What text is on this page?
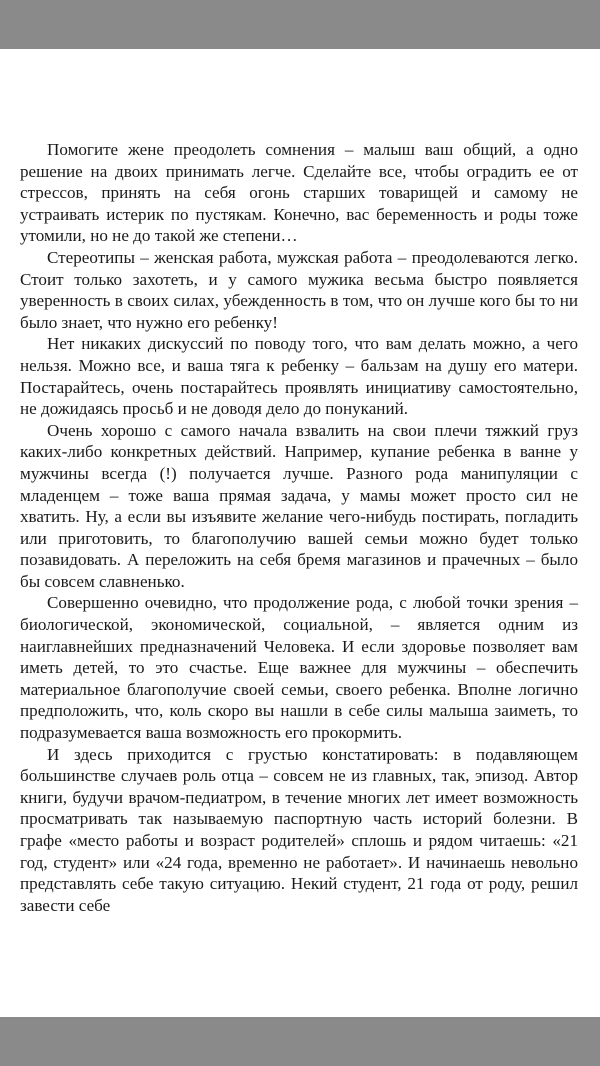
Помогите жене преодолеть сомнения – малыш ваш общий, а одно решение на двоих принимать легче. Сделайте все, чтобы оградить ее от стрессов, принять на себя огонь старших товарищей и самому не устраивать истерик по пустякам. Конечно, вас беременность и роды тоже утомили, но не до такой же степени…

Стереотипы – женская работа, мужская работа – преодолеваются легко. Стоит только захотеть, и у самого мужика весьма быстро появляется уверенность в своих силах, убежденность в том, что он лучше кого бы то ни было знает, что нужно его ребенку!

Нет никаких дискуссий по поводу того, что вам делать можно, а чего нельзя. Можно все, и ваша тяга к ребенку – бальзам на душу его матери. Постарайтесь, очень постарайтесь проявлять инициативу самостоятельно, не дожидаясь просьб и не доводя дело до понуканий.

Очень хорошо с самого начала взвалить на свои плечи тяжкий груз каких-либо конкретных действий. Например, купание ребенка в ванне у мужчины всегда (!) получается лучше. Разного рода манипуляции с младенцем – тоже ваша прямая задача, у мамы может просто сил не хватить. Ну, а если вы изъявите желание чего-нибудь постирать, погладить или приготовить, то благополучию вашей семьи можно будет только позавидовать. А переложить на себя бремя магазинов и прачечных – было бы совсем славненько.

Совершенно очевидно, что продолжение рода, с любой точки зрения – биологической, экономической, социальной, – является одним из наиглавнейших предназначений Человека. И если здоровье позволяет вам иметь детей, то это счастье. Еще важнее для мужчины – обеспечить материальное благополучие своей семьи, своего ребенка. Вполне логично предположить, что, коль скоро вы нашли в себе силы малыша заиметь, то подразумевается ваша возможность его прокормить.

И здесь приходится с грустью констатировать: в подавляющем большинстве случаев роль отца – совсем не из главных, так, эпизод. Автор книги, будучи врачом-педиатром, в течение многих лет имеет возможность просматривать так называемую паспортную часть историй болезни. В графе «место работы и возраст родителей» сплошь и рядом читаешь: «21 год, студент» или «24 года, временно не работает». И начинаешь невольно представлять себе такую ситуацию. Некий студент, 21 года от роду, решил завести себе
